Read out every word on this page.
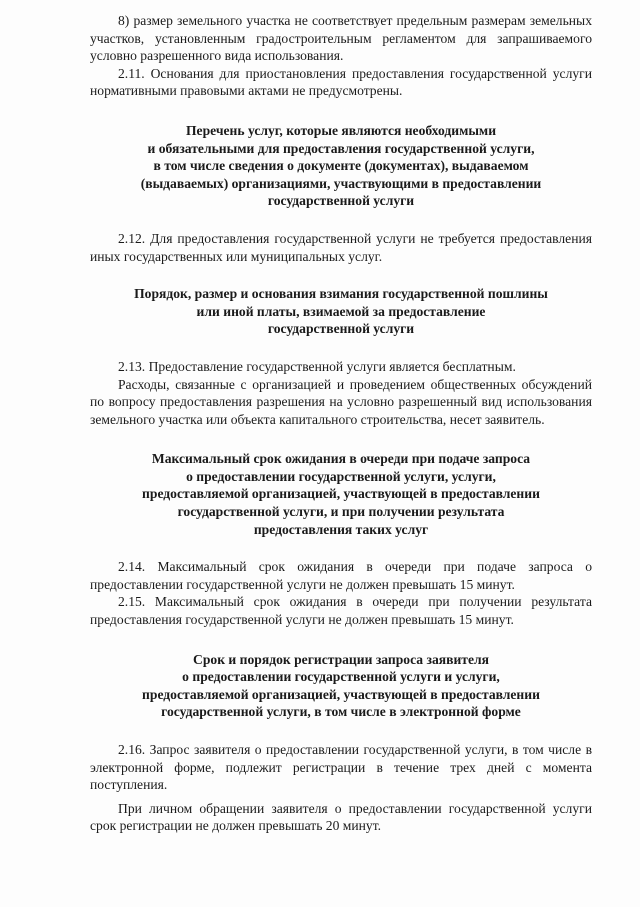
8) размер земельного участка не соответствует предельным размерам земельных участков, установленным градостроительным регламентом для запрашиваемого условно разрешенного вида использования.

2.11. Основания для приостановления предоставления государственной услуги нормативными правовыми актами не предусмотрены.

Перечень услуг, которые являются необходимыми
и обязательными для предоставления государственной услуги,
в том числе сведения о документе (документах), выдаваемом
(выдаваемых) организациями, участвующими в предоставлении
государственной услуги

2.12. Для предоставления государственной услуги не требуется предоставления иных государственных или муниципальных услуг.

Порядок, размер и основания взимания государственной пошлины
или иной платы, взимаемой за предоставление
государственной услуги

2.13. Предоставление государственной услуги является бесплатным.

Расходы, связанные с организацией и проведением общественных обсуждений по вопросу предоставления разрешения на условно разрешенный вид использования земельного участка или объекта капитального строительства, несет заявитель.

Максимальный срок ожидания в очереди при подаче запроса
о предоставлении государственной услуги, услуги,
предоставляемой организацией, участвующей в предоставлении
государственной услуги, и при получении результата
предоставления таких услуг

2.14. Максимальный срок ожидания в очереди при подаче запроса о предоставлении государственной услуги не должен превышать 15 минут.

2.15. Максимальный срок ожидания в очереди при получении результата предоставления государственной услуги не должен превышать 15 минут.

Срок и порядок регистрации запроса заявителя
о предоставлении государственной услуги и услуги,
предоставляемой организацией, участвующей в предоставлении
государственной услуги, в том числе в электронной форме

2.16. Запрос заявителя о предоставлении государственной услуги, в том числе в электронной форме, подлежит регистрации в течение трех дней с момента поступления.

При личном обращении заявителя о предоставлении государственной услуги срок регистрации не должен превышать 20 минут.
